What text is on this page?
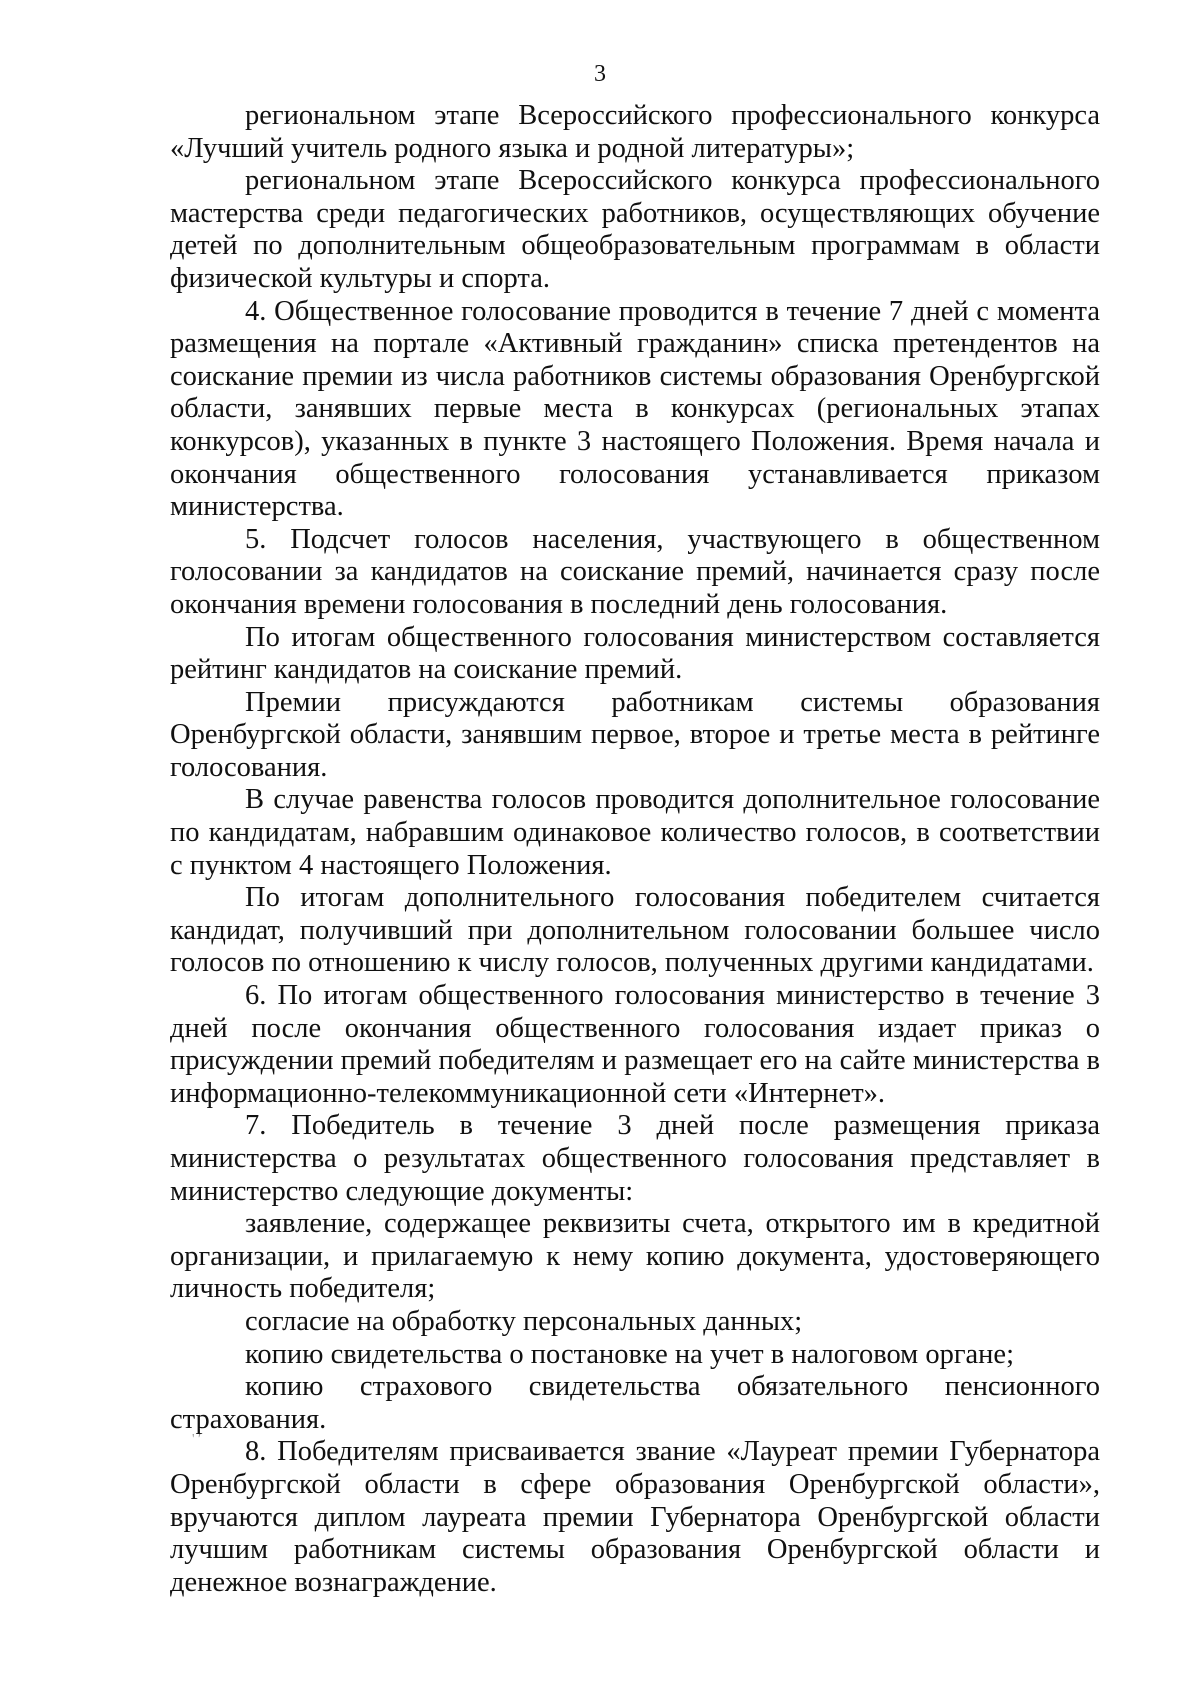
3

региональном этапе Всероссийского профессионального конкурса «Лучший учитель родного языка и родной литературы»;

региональном этапе Всероссийского конкурса профессионального мастерства среди педагогических работников, осуществляющих обучение детей по дополнительным общеобразовательным программам в области физической культуры и спорта.

4. Общественное голосование проводится в течение 7 дней с момента размещения на портале «Активный гражданин» списка претендентов на соискание премии из числа работников системы образования Оренбургской области, занявших первые места в конкурсах (региональных этапах конкурсов), указанных в пункте 3 настоящего Положения. Время начала и окончания общественного голосования устанавливается приказом министерства.

5. Подсчет голосов населения, участвующего в общественном голосовании за кандидатов на соискание премий, начинается сразу после окончания времени голосования в последний день голосования.

По итогам общественного голосования министерством составляется рейтинг кандидатов на соискание премий.

Премии присуждаются работникам системы образования Оренбургской области, занявшим первое, второе и третье места в рейтинге голосования.

В случае равенства голосов проводится дополнительное голосование по кандидатам, набравшим одинаковое количество голосов, в соответствии с пунктом 4 настоящего Положения.

По итогам дополнительного голосования победителем считается кандидат, получивший при дополнительном голосовании большее число голосов по отношению к числу голосов, полученных другими кандидатами.

6. По итогам общественного голосования министерство в течение 3 дней после окончания общественного голосования издает приказ о присуждении премий победителям и размещает его на сайте министерства в информационно-телекоммуникационной сети «Интернет».

7. Победитель в течение 3 дней после размещения приказа министерства о результатах общественного голосования представляет в министерство следующие документы:

заявление, содержащее реквизиты счета, открытого им в кредитной организации, и прилагаемую к нему копию документа, удостоверяющего личность победителя;

согласие на обработку персональных данных;

копию свидетельства о постановке на учет в налоговом органе;

копию страхового свидетельства обязательного пенсионного страхования.

8. Победителям присваивается звание «Лауреат премии Губернатора Оренбургской области в сфере образования Оренбургской области», вручаются диплом лауреата премии Губернатора Оренбургской области лучшим работникам системы образования Оренбургской области и денежное вознаграждение.

' ′
